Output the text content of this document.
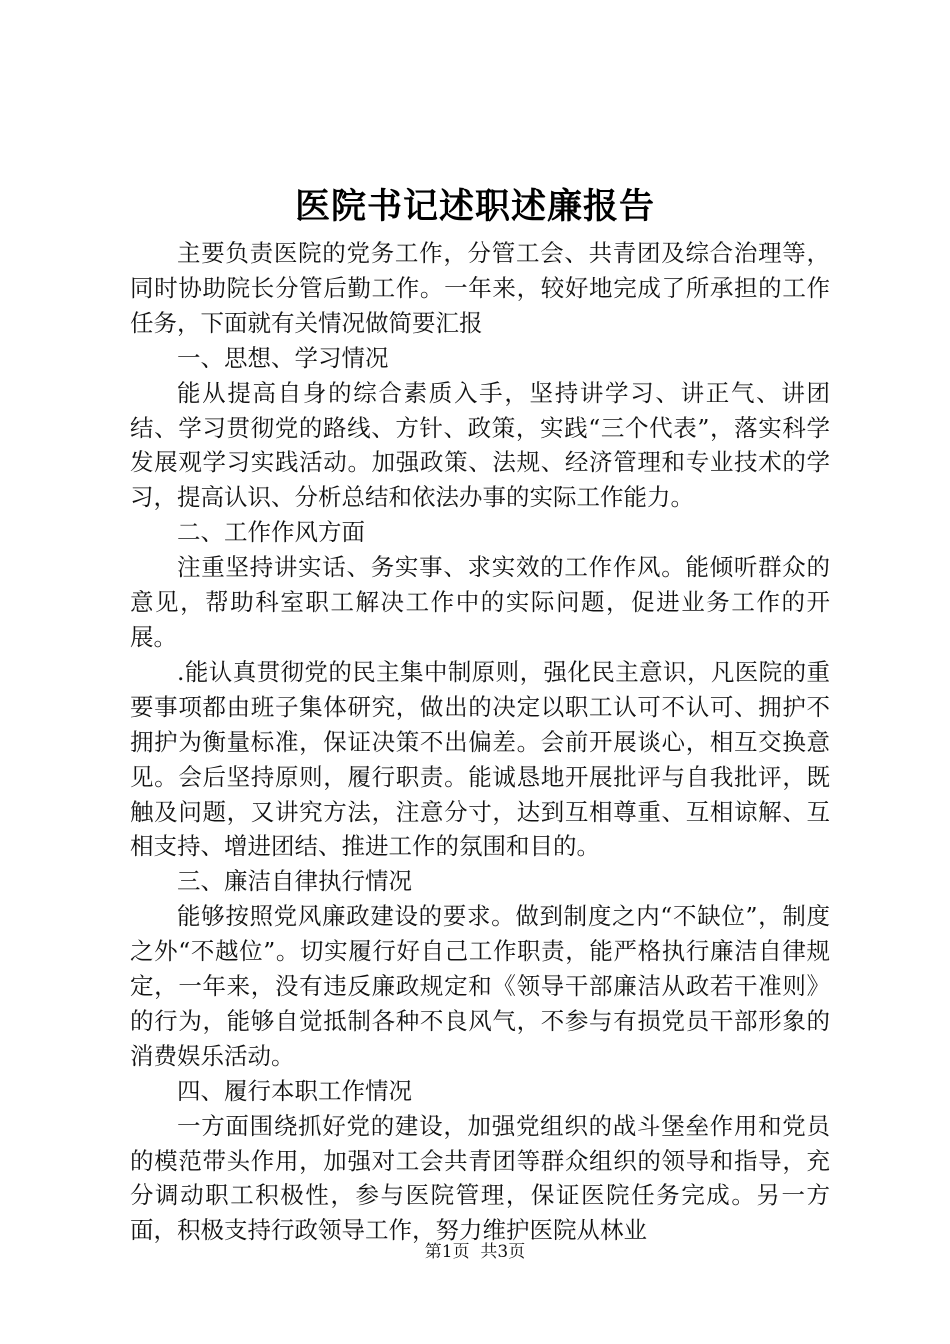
医院书记述职述廉报告

主要负责医院的党务工作，分管工会、共青团及综合治理等，同时协助院长分管后勤工作。一年来，较好地完成了所承担的工作任务，下面就有关情况做简要汇报

一、思想、学习情况

能从提高自身的综合素质入手，坚持讲学习、讲正气、讲团结、学习贯彻党的路线、方针、政策，实践“三个代表”，落实科学发展观学习实践活动。加强政策、法规、经济管理和专业技术的学习，提高认识、分析总结和依法办事的实际工作能力。

二、工作作风方面

注重坚持讲实话、务实事、求实效的工作作风。能倾听群众的意见，帮助科室职工解决工作中的实际问题，促进业务工作的开展。

.能认真贯彻党的民主集中制原则，强化民主意识，凡医院的重要事项都由班子集体研究，做出的决定以职工认可不认可、拥护不拥护为衡量标准，保证决策不出偏差。会前开展谈心，相互交换意见。会后坚持原则，履行职责。能诚恳地开展批评与自我批评，既触及问题，又讲究方法，注意分寸，达到互相尊重、互相谅解、互相支持、增进团结、推进工作的氛围和目的。

三、廉洁自律执行情况

能够按照党风廉政建设的要求。做到制度之内“不缺位”，制度之外“不越位”。切实履行好自己工作职责，能严格执行廉洁自律规定，一年来，没有违反廉政规定和《领导干部廉洁从政若干准则》的行为，能够自觉抵制各种不良风气，不参与有损党员干部形象的消费娱乐活动。

四、履行本职工作情况

一方面围绕抓好党的建设，加强党组织的战斗堡垒作用和党员的模范带头作用，加强对工会共青团等群众组织的领导和指导，充分调动职工积极性，参与医院管理，保证医院任务完成。另一方面，积极支持行政领导工作，努力维护医院从林业

第1页 共3页
